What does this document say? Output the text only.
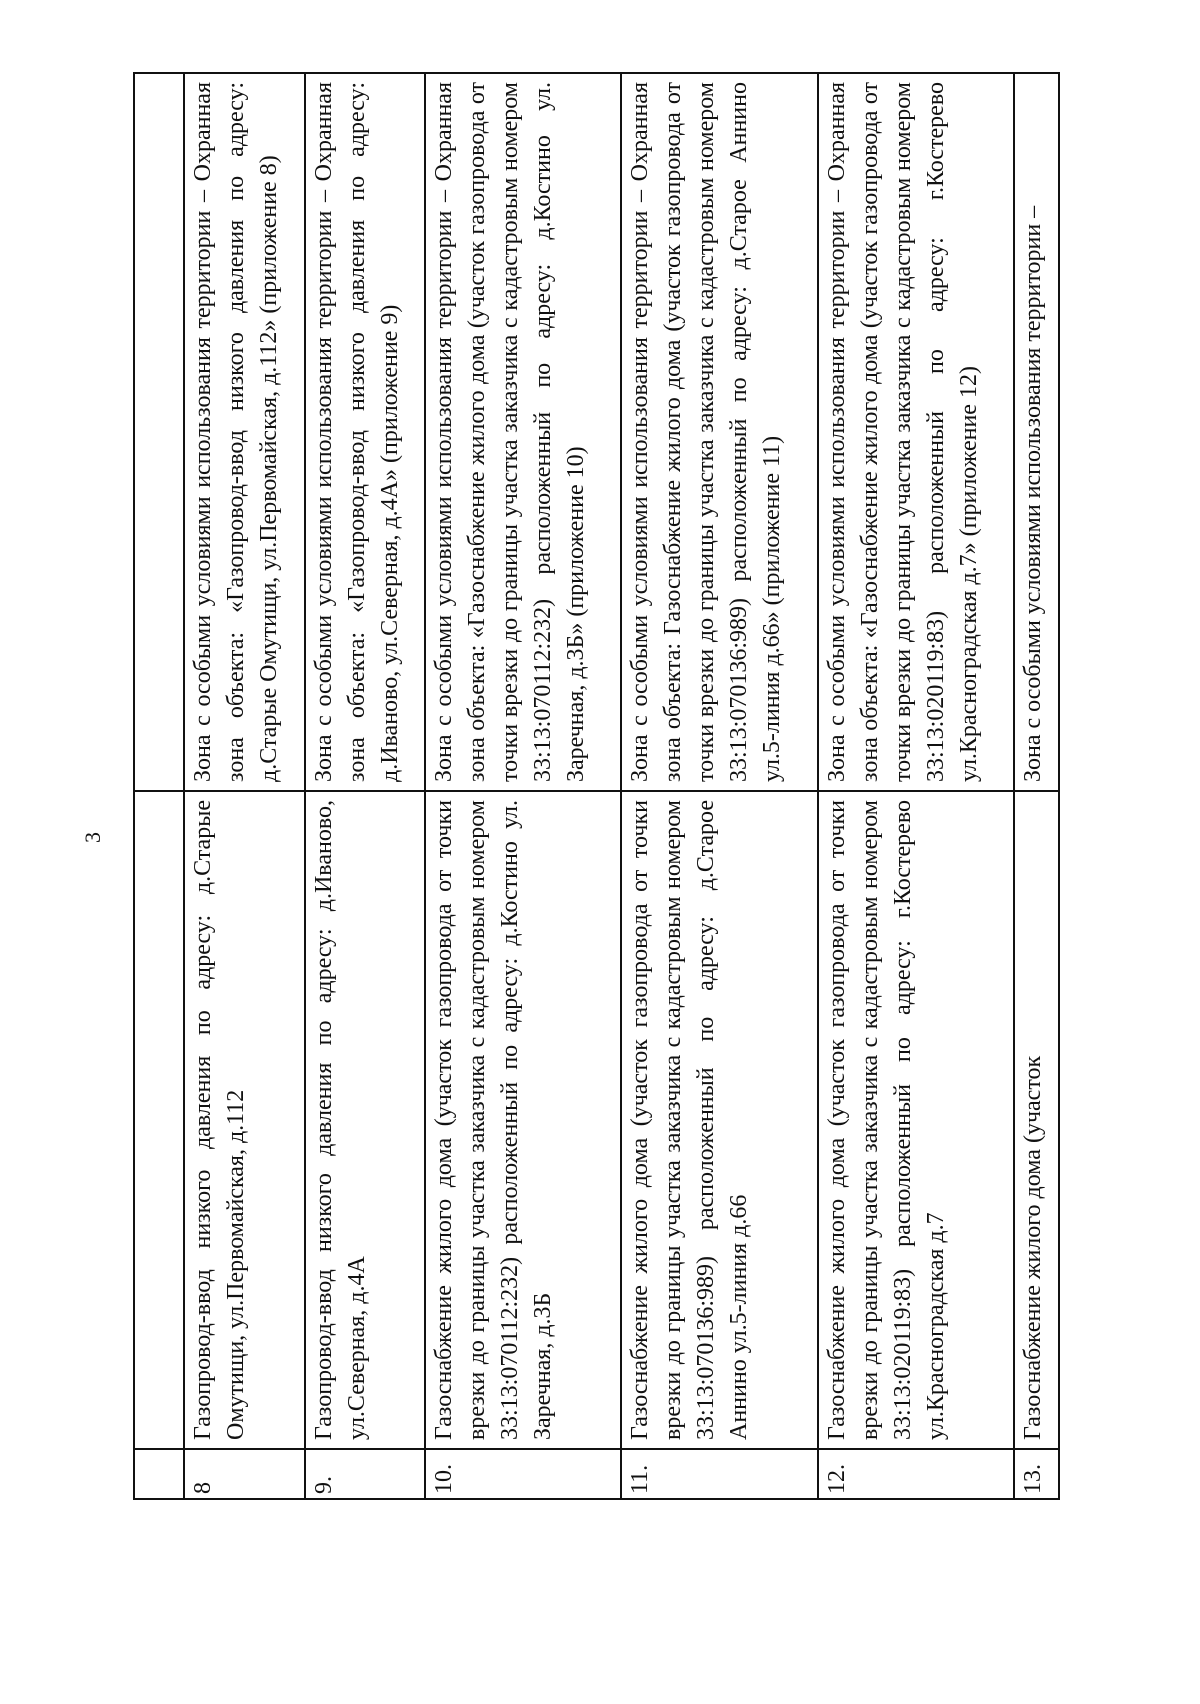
3

8	Газопровод-ввод низкого давления по адресу: д.Старые Омутищи, ул.Первомайская, д.112	Зона с особыми условиями использования территории – Охранная зона объекта: «Газопровод-ввод низкого давления по адресу: д.Старые Омутищи, ул.Первомайская, д.112» (приложение 8)
9.	Газопровод-ввод низкого давления по адресу: д.Иваново, ул.Северная, д.4А	Зона с особыми условиями использования территории – Охранная зона объекта: «Газопровод-ввод низкого давления по адресу: д.Иваново, ул.Северная, д.4А» (приложение 9)
10.	Газоснабжение жилого дома (участок газопровода от точки врезки до границы участка заказчика с кадастровым номером 33:13:070112:232) расположенный по адресу: д.Костино ул. Заречная, д.3Б	Зона с особыми условиями использования территории – Охранная зона объекта: «Газоснабжение жилого дома (участок газопровода от точки врезки до границы участка заказчика с кадастровым номером 33:13:070112:232) расположенный по адресу: д.Костино ул. Заречная, д.3Б» (приложение 10)
11.	Газоснабжение жилого дома (участок газопровода от точки врезки до границы участка заказчика с кадастровым номером 33:13:070136:989) расположенный по адресу: д.Старое Аннино ул.5-линия д.66	Зона с особыми условиями использования территории – Охранная зона объекта: Газоснабжение жилого дома (участок газопровода от точки врезки до границы участка заказчика с кадастровым номером 33:13:070136:989) расположенный по адресу: д.Старое Аннино ул.5-линия д.66» (приложение 11)
12.	Газоснабжение жилого дома (участок газопровода от точки врезки до границы участка заказчика с кадастровым номером 33:13:020119:83) расположенный по адресу: г.Костерево ул.Красноградская д.7	Зона с особыми условиями использования территории – Охранная зона объекта: «Газоснабжение жилого дома (участок газопровода от точки врезки до границы участка заказчика с кадастровым номером 33:13:020119:83) расположенный по адресу: г.Костерево ул.Красноградская д.7» (приложение 12)
13.	Газоснабжение жилого дома (участок	Зона с особыми условиями использования территории –
